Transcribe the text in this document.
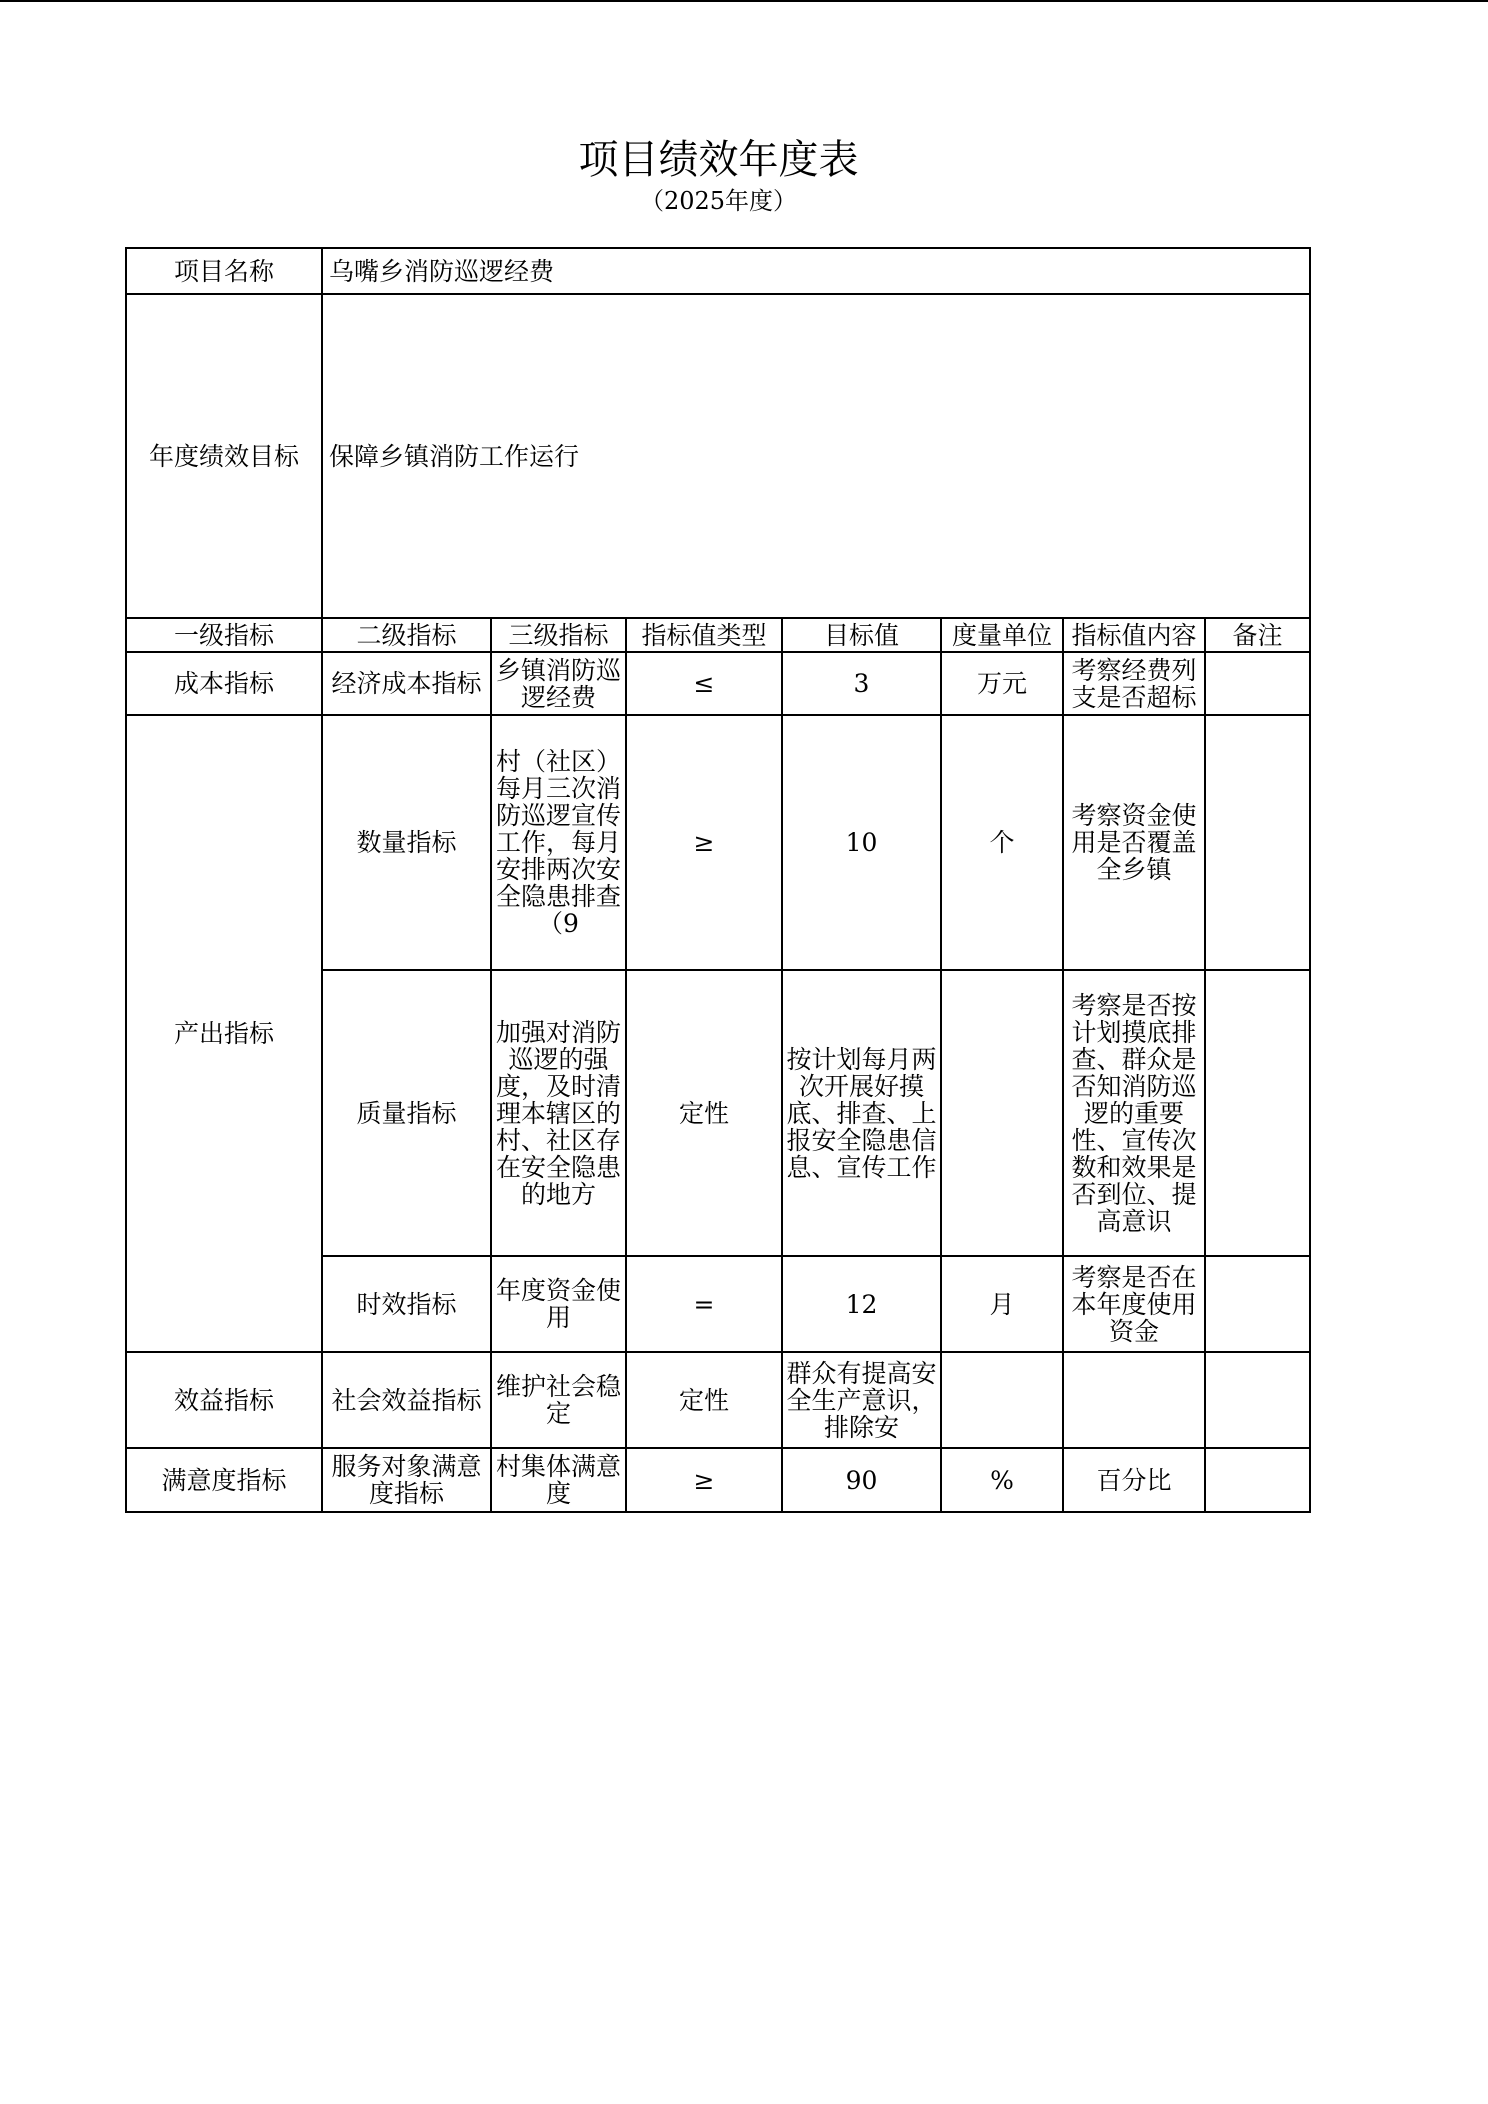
项目绩效年度表
（2025年度）
项目名称	乌嘴乡消防巡逻经费						
年度绩效目标	保障乡镇消防工作运行						
一级指标	二级指标	三级指标	指标值类型	目标值	度量单位	指标值内容	备注
成本指标	经济成本指标	乡镇消防巡逻经费	≤	3	万元	考察经费列支是否超标	

产出指标	数量指标	村（社区）每月三次消防巡逻宣传工作，每月安排两次安全隐患排查（9	≥	10	个	考察资金使用是否覆盖全乡镇	

	质量指标	加强对消防巡逻的强度，及时清理本辖区的村、社区存在安全隐患的地方	定性	按计划每月两次开展好摸底、排查、上报安全隐患信息、宣传工作		考察是否按计划摸底排查、群众是否知消防巡逻的重要性、宣传次数和效果是否到位、提高意识	

	时效指标	年度资金使用	=	12	月	考察是否在本年度使用资金	

效益指标	社会效益指标	维护社会稳定	定性	群众有提高安全生产意识，排除安			

满意度指标	服务对象满意度指标	村集体满意度	≥	90	%	百分比	
